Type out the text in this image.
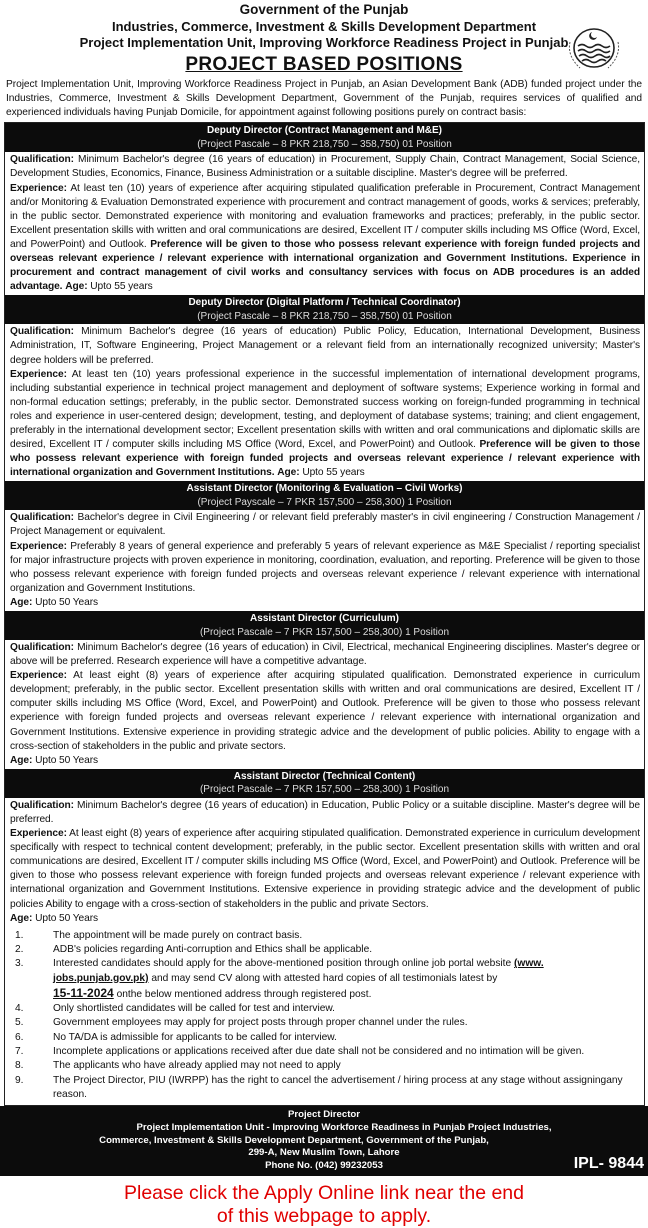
Government of the Punjab
Industries, Commerce, Investment & Skills Development Department
Project Implementation Unit, Improving Workforce Readiness Project in Punjab
PROJECT BASED POSITIONS
Project Implementation Unit, Improving Workforce Readiness Project in Punjab, an Asian Development Bank (ADB) funded project under the Industries, Commerce, Investment & Skills Development Department, Government of the Punjab, requires services of qualified and experienced individuals having Punjab Domicile, for appointment against following positions purely on contract basis:
Deputy Director (Contract Management and M&E)
(Project Pascale – 8 PKR 218,750 – 358,750) 01 Position
Qualification: Minimum Bachelor's degree (16 years of education) in Procurement, Supply Chain, Contract Management, Social Science, Development Studies, Economics, Finance, Business Administration or a suitable discipline. Master's degree will be preferred.
Experience: At least ten (10) years of experience after acquiring stipulated qualification preferable in Procurement, Contract Management and/or Monitoring & Evaluation Demonstrated experience with procurement and contract management of goods, works & services; preferably, in the public sector. Demonstrated experience with monitoring and evaluation frameworks and practices; preferably, in the public sector. Excellent presentation skills with written and oral communications are desired, Excellent IT / computer skills including MS Office (Word, Excel, and PowerPoint) and Outlook. Preference will be given to those who possess relevant experience with foreign funded projects and overseas relevant experience / relevant experience with international organization and Government Institutions. Experience in procurement and contract management of civil works and consultancy services with focus on ADB procedures is an added advantage. Age: Upto 55 years
Deputy Director (Digital Platform / Technical Coordinator)
(Project Pascale – 8 PKR 218,750 – 358,750) 01 Position
Qualification: Minimum Bachelor's degree (16 years of education) Public Policy, Education, International Development, Business Administration, IT, Software Engineering, Project Management or a relevant field from an internationally recognized university; Master's degree holders will be preferred.
Experience: At least ten (10) years professional experience in the successful implementation of international development programs, including substantial experience in technical project management and deployment of software systems; Experience working in formal and non-formal education settings; preferably, in the public sector. Demonstrated success working on foreign-funded programming in technical roles and experience in user-centered design; development, testing, and deployment of database systems; training; and client engagement, preferably in the international development sector; Excellent presentation skills with written and oral communications and diplomatic skills are desired, Excellent IT / computer skills including MS Office (Word, Excel, and PowerPoint) and Outlook. Preference will be given to those who possess relevant experience with foreign funded projects and overseas relevant experience / relevant experience with international organization and Government Institutions. Age: Upto 55 years
Assistant Director (Monitoring & Evaluation – Civil Works)
(Project Payscale – 7 PKR 157,500 – 258,300) 1 Position
Qualification: Bachelor's degree in Civil Engineering / or relevant field preferably master's in civil engineering / Construction Management / Project Management or equivalent.
Experience: Preferably 8 years of general experience and preferably 5 years of relevant experience as M&E Specialist / reporting specialist for major infrastructure projects with proven experience in monitoring, coordination, evaluation, and reporting. Preference will be given to those who possess relevant experience with foreign funded projects and overseas relevant experience / relevant experience with international organization and Government Institutions.
Age: Upto 50 Years
Assistant Director (Curriculum)
(Project Pascale – 7 PKR 157,500 – 258,300) 1 Position
Qualification: Minimum Bachelor's degree (16 years of education) in Civil, Electrical, mechanical Engineering disciplines. Master's degree or above will be preferred. Research experience will have a competitive advantage.
Experience: At least eight (8) years of experience after acquiring stipulated qualification. Demonstrated experience in curriculum development; preferably, in the public sector. Excellent presentation skills with written and oral communications are desired, Excellent IT / computer skills including MS Office (Word, Excel, and PowerPoint) and Outlook. Preference will be given to those who possess relevant experience with foreign funded projects and overseas relevant experience / relevant experience with international organization and Government Institutions. Extensive experience in providing strategic advice and the development of public policies. Ability to engage with a cross-section of stakeholders in the public and private sectors.
Age: Upto 50 Years
Assistant Director (Technical Content)
(Project Pascale – 7 PKR 157,500 – 258,300) 1 Position
Qualification: Minimum Bachelor's degree (16 years of education) in Education, Public Policy or a suitable discipline. Master's degree will be preferred.
Experience: At least eight (8) years of experience after acquiring stipulated qualification. Demonstrated experience in curriculum development specifically with respect to technical content development; preferably, in the public sector. Excellent presentation skills with written and oral communications are desired, Excellent IT / computer skills including MS Office (Word, Excel, and PowerPoint) and Outlook. Preference will be given to those who possess relevant experience with foreign funded projects and overseas relevant experience / relevant experience with international organization and Government Institutions. Extensive experience in providing strategic advice and the development of public policies Ability to engage with a cross-section of stakeholders in the public and private Sectors.
Age: Upto 50 Years
1.	The appointment will be made purely on contract basis.
2.	ADB's policies regarding Anti-corruption and Ethics shall be applicable.
3.	Interested candidates should apply for the above-mentioned position through online job portal website (www. jobs.punjab.gov.pk) and may send CV along with attested hard copies of all testimonials latest by
15-11-2024 onthe below mentioned address through registered post.
4.	Only shortlisted candidates will be called for test and interview.
5.	Government employees may apply for project posts through proper channel under the rules.
6.	No TA/DA is admissible for applicants to be called for interview.
7.	Incomplete applications or applications received after due date shall not be considered and no intimation will be given.
8.	The applicants who have already applied may not need to apply
9.	The Project Director, PIU (IWRPP) has the right to cancel the advertisement / hiring process at any stage without assigningany reason.
Project Director
Project Implementation Unit - Improving Workforce Readiness in Punjab Project Industries,
Commerce, Investment & Skills Development Department, Government of the Punjab,
299-A, New Muslim Town, Lahore
Phone No. (042) 99232053	IPL- 9844
Please click the Apply Online link near the end
of this webpage to apply.
